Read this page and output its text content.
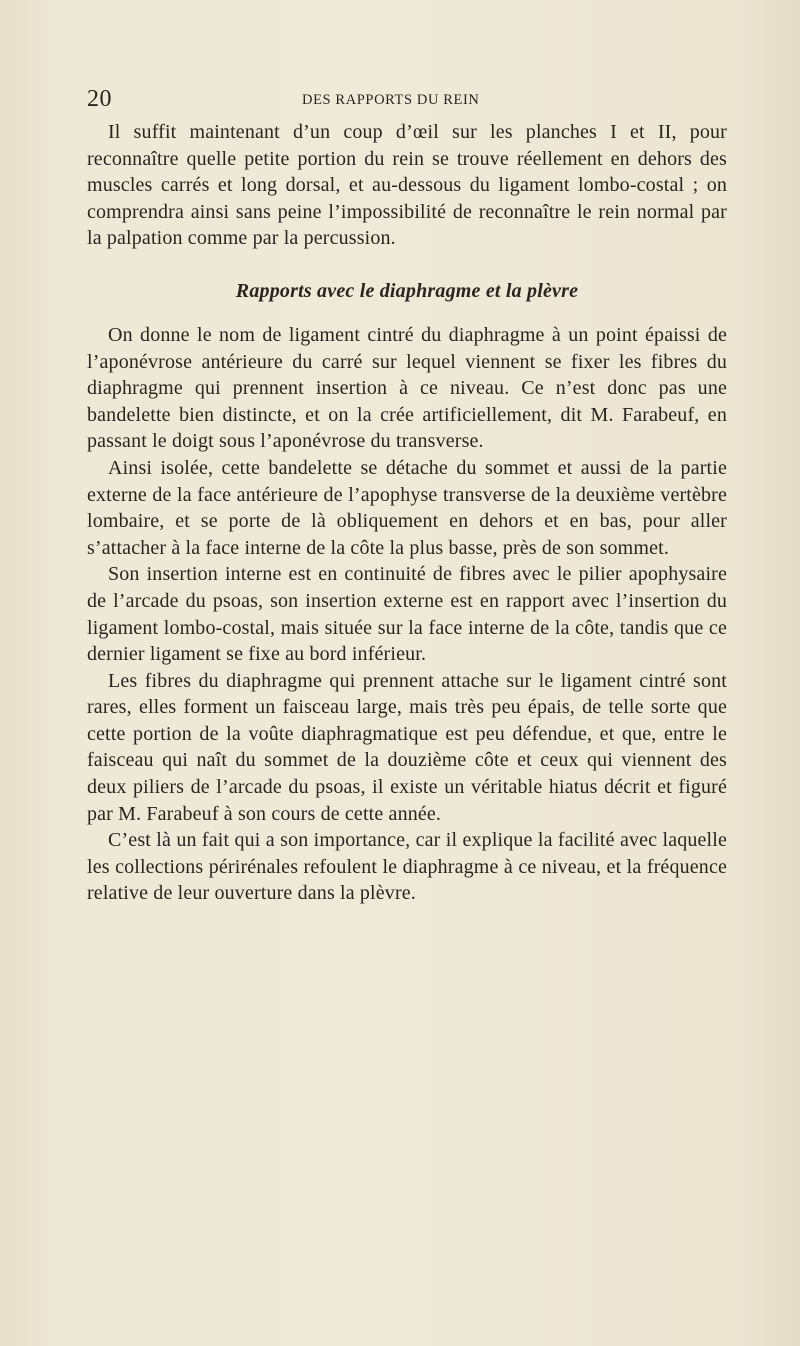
20	DES RAPPORTS DU REIN

Il suffit maintenant d’un coup d’œil sur les planches I et II, pour reconnaître quelle petite portion du rein se trouve réellement en dehors des muscles carrés et long dorsal, et au-dessous du ligament lombo-costal ; on comprendra ainsi sans peine l’impossibilité de reconnaître le rein normal par la palpation comme par la percussion.

Rapports avec le diaphragme et la plèvre

On donne le nom de ligament cintré du diaphragme à un point épaissi de l’aponévrose antérieure du carré sur lequel viennent se fixer les fibres du diaphragme qui prennent insertion à ce niveau. Ce n’est donc pas une bandelette bien distincte, et on la crée artificiellement, dit M. Farabeuf, en passant le doigt sous l’aponévrose du transverse.

Ainsi isolée, cette bandelette se détache du sommet et aussi de la partie externe de la face antérieure de l’apophyse transverse de la deuxième vertèbre lombaire, et se porte de là obliquement en dehors et en bas, pour aller s’attacher à la face interne de la côte la plus basse, près de son sommet.

Son insertion interne est en continuité de fibres avec le pilier apophysaire de l’arcade du psoas, son insertion externe est en rapport avec l’insertion du ligament lombo-costal, mais située sur la face interne de la côte, tandis que ce dernier ligament se fixe au bord inférieur.

Les fibres du diaphragme qui prennent attache sur le ligament cintré sont rares, elles forment un faisceau large, mais très peu épais, de telle sorte que cette portion de la voûte diaphragmatique est peu défendue, et que, entre le faisceau qui naît du sommet de la douzième côte et ceux qui viennent des deux piliers de l’arcade du psoas, il existe un véritable hiatus décrit et figuré par M. Farabeuf à son cours de cette année.

C’est là un fait qui a son importance, car il explique la facilité avec laquelle les collections périrénales refoulent le diaphragme à ce niveau, et la fréquence relative de leur ouverture dans la plèvre.
